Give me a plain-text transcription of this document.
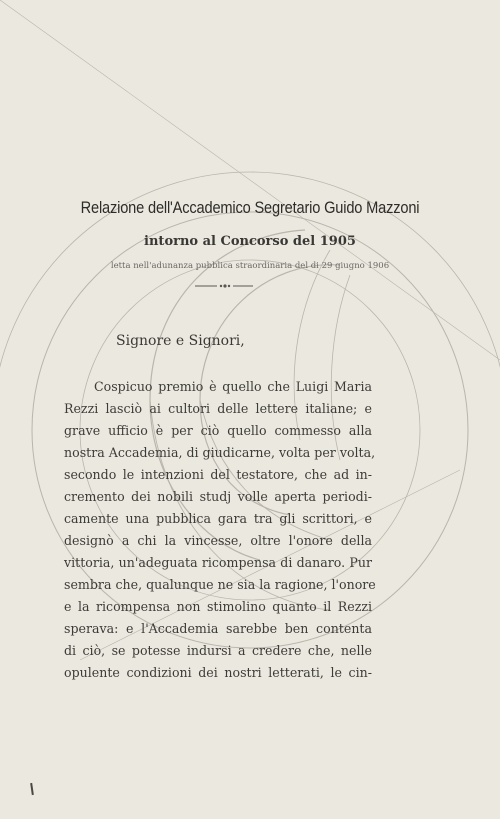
Relazione dell'Accademico Segretario Guido Mazzoni
intorno al Concorso del 1905
letta nell'adunanza pubblica straordinaria del di 29 giugno 1906
Signore e Signori,
Cospicuo premio è quello che Luigi Maria
Rezzi lasciò ai cultori delle lettere italiane; e
grave ufficio è per ciò quello commesso alla
nostra Accademia, di giudicarne, volta per volta,
secondo le intenzioni del testatore, che ad in-
cremento dei nobili studj volle aperta periodi-
camente una pubblica gara tra gli scrittori, e
designò a chi la vincesse, oltre l'onore della
vittoria, un'adeguata ricompensa di danaro. Pur
sembra che, qualunque ne sia la ragione, l'onore
e la ricompensa non stimolino quanto il Rezzi
sperava: e l'Accademia sarebbe ben contenta
di ciò, se potesse indursi a credere che, nelle
opulente condizioni dei nostri letterati, le cin-
